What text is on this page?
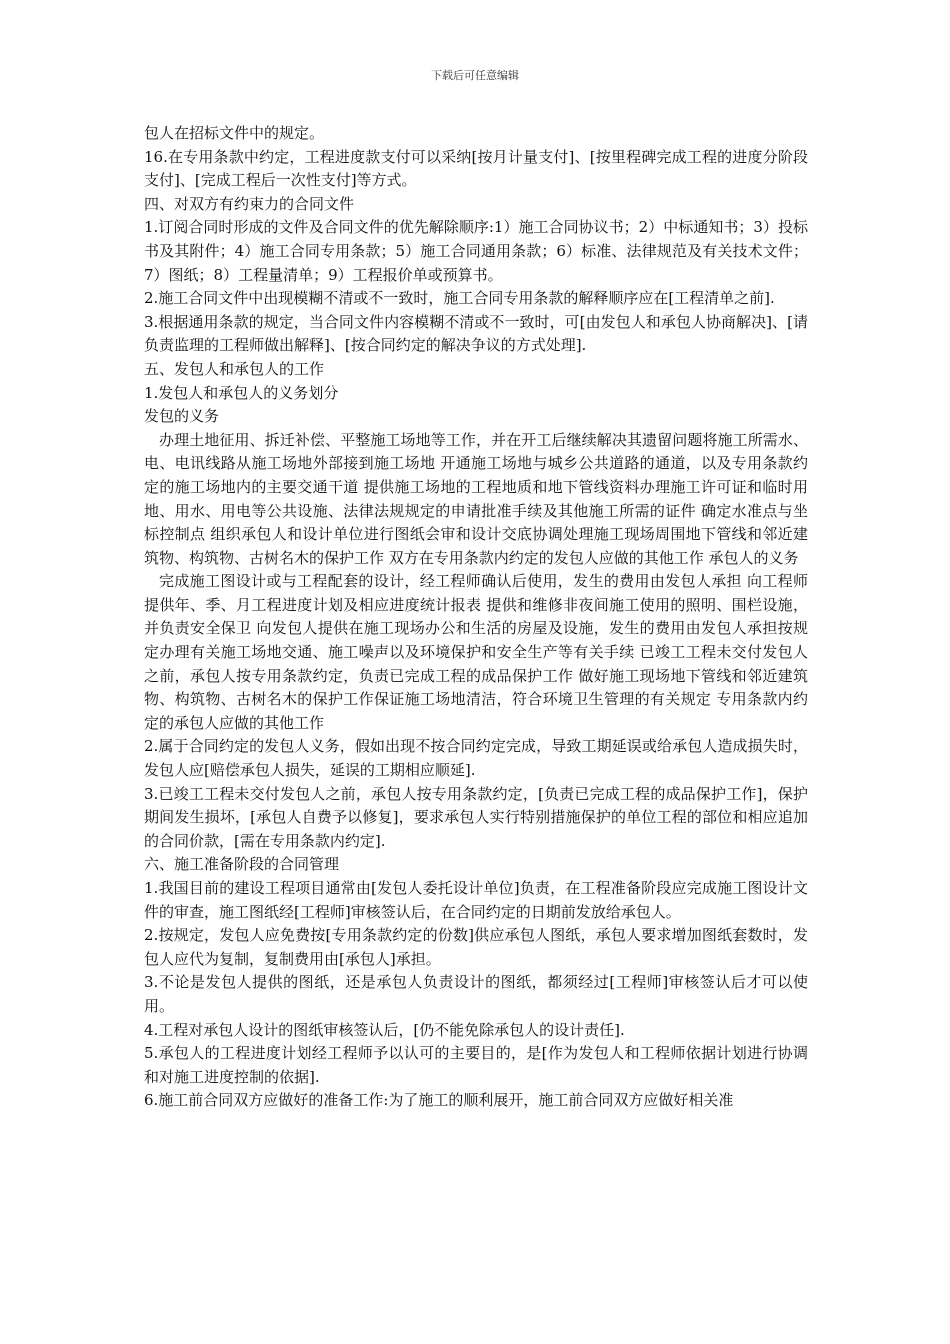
下载后可任意编辑

包人在招标文件中的规定。

16.在专用条款中约定，工程进度款支付可以采纳[按月计量支付]、[按里程碑完成工程的进度分阶段支付]、[完成工程后一次性支付]等方式。

四、对双方有约束力的合同文件

1.订阅合同时形成的文件及合同文件的优先解除顺序:1）施工合同协议书；2）中标通知书；3）投标书及其附件；4）施工合同专用条款；5）施工合同通用条款；6）标准、法律规范及有关技术文件；7）图纸；8）工程量清单；9）工程报价单或预算书。

2.施工合同文件中出现模糊不清或不一致时，施工合同专用条款的解释顺序应在[工程清单之前].

3.根据通用条款的规定，当合同文件内容模糊不清或不一致时，可[由发包人和承包人协商解决]、[请负责监理的工程师做出解释]、[按合同约定的解决争议的方式处理].

五、发包人和承包人的工作

1.发包人和承包人的义务划分

发包的义务

办理土地征用、拆迁补偿、平整施工场地等工作，并在开工后继续解决其遗留问题将施工所需水、电、电讯线路从施工场地外部接到施工场地 开通施工场地与城乡公共道路的通道，以及专用条款约定的施工场地内的主要交通干道 提供施工场地的工程地质和地下管线资料办理施工许可证和临时用地、用水、用电等公共设施、法律法规规定的申请批准手续及其他施工所需的证件 确定水准点与坐标控制点 组织承包人和设计单位进行图纸会审和设计交底协调处理施工现场周围地下管线和邻近建筑物、构筑物、古树名木的保护工作 双方在专用条款内约定的发包人应做的其他工作 承包人的义务

完成施工图设计或与工程配套的设计，经工程师确认后使用，发生的费用由发包人承担 向工程师提供年、季、月工程进度计划及相应进度统计报表 提供和维修非夜间施工使用的照明、围栏设施，并负责安全保卫 向发包人提供在施工现场办公和生活的房屋及设施，发生的费用由发包人承担按规定办理有关施工场地交通、施工噪声以及环境保护和安全生产等有关手续 已竣工工程未交付发包人之前，承包人按专用条款约定，负责已完成工程的成品保护工作 做好施工现场地下管线和邻近建筑物、构筑物、古树名木的保护工作保证施工场地清洁，符合环境卫生管理的有关规定 专用条款内约定的承包人应做的其他工作

2.属于合同约定的发包人义务，假如出现不按合同约定完成，导致工期延误或给承包人造成损失时，发包人应[赔偿承包人损失，延误的工期相应顺延].

3.已竣工工程未交付发包人之前，承包人按专用条款约定，[负责已完成工程的成品保护工作]，保护期间发生损坏，[承包人自费予以修复]，要求承包人实行特别措施保护的单位工程的部位和相应追加的合同价款，[需在专用条款内约定].

六、施工准备阶段的合同管理

1.我国目前的建设工程项目通常由[发包人委托设计单位]负责，在工程准备阶段应完成施工图设计文件的审查，施工图纸经[工程师]审核签认后，在合同约定的日期前发放给承包人。

2.按规定，发包人应免费按[专用条款约定的份数]供应承包人图纸，承包人要求增加图纸套数时，发包人应代为复制，复制费用由[承包人]承担。

3.不论是发包人提供的图纸，还是承包人负责设计的图纸，都须经过[工程师]审核签认后才可以使用。

4.工程对承包人设计的图纸审核签认后，[仍不能免除承包人的设计责任].

5.承包人的工程进度计划经工程师予以认可的主要目的，是[作为发包人和工程师依据计划进行协调和对施工进度控制的依据].

6.施工前合同双方应做好的准备工作:为了施工的顺利展开，施工前合同双方应做好相关准
